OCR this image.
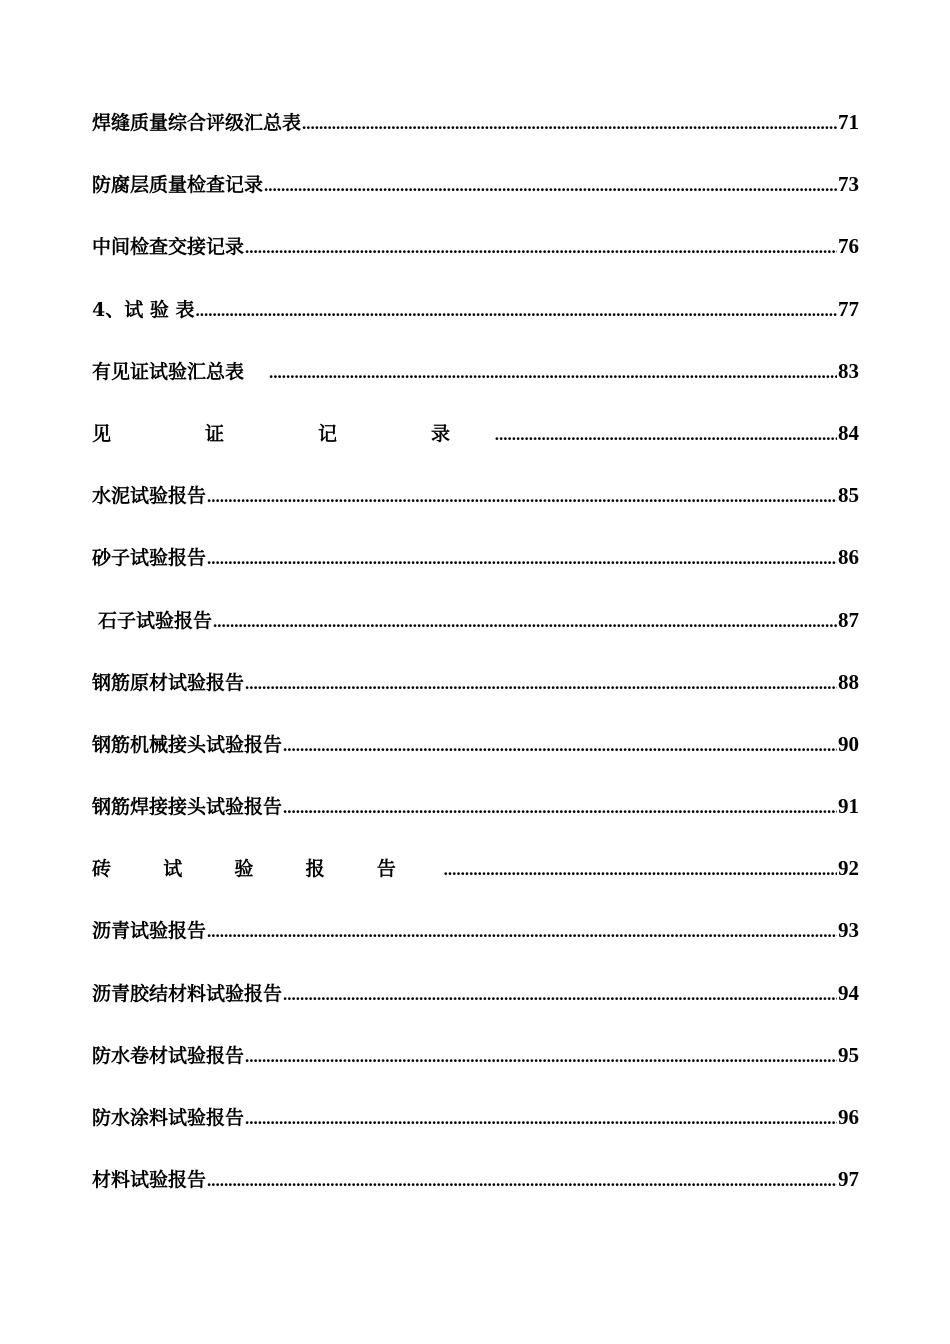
焊缝质量综合评级汇总表 .....	71
防腐层质量检查记录 .....	73
中间检查交接记录 .....	76
4、试 验 表 .....	77
有见证试验汇总表 .....	83
见 证 记 录 .....	84
水泥试验报告 .....	85
砂子试验报告 .....	86
石子试验报告 .....	87
钢筋原材试验报告 .....	88
钢筋机械接头试验报告 .....	90
钢筋焊接接头试验报告 .....	91
砖 试 验 报 告 .....	92
沥青试验报告 .....	93
沥青胶结材料试验报告 .....	94
防水卷材试验报告 .....	95
防水涂料试验报告 .....	96
材料试验报告 .....	97
